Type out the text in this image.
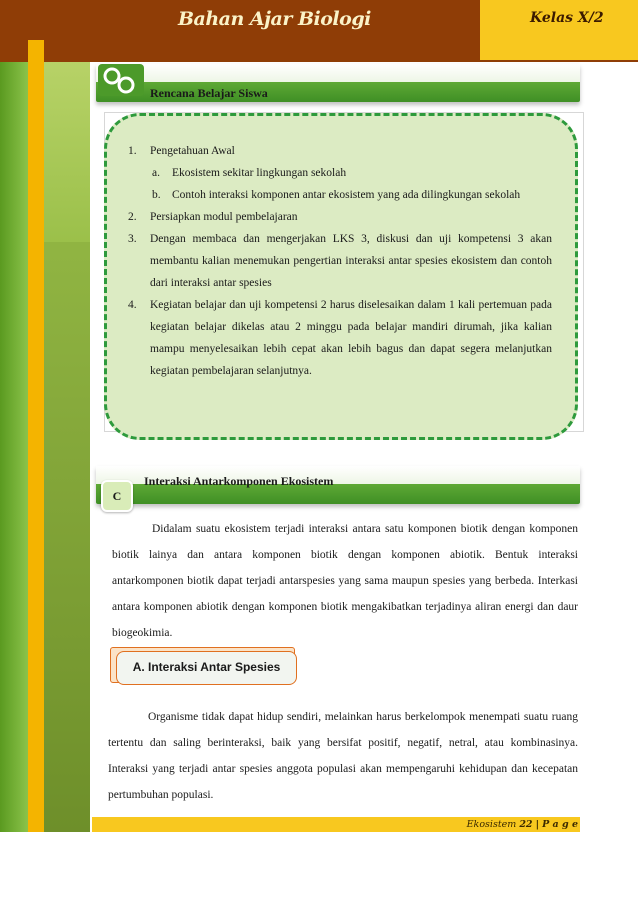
Bahan Ajar Biologi	Kelas X/2
Rencana Belajar Siswa
1. Pengetahuan Awal
a. Ekosistem sekitar lingkungan sekolah
b. Contoh interaksi komponen antar ekosistem yang ada dilingkungan sekolah
2. Persiapkan modul pembelajaran
3. Dengan membaca dan mengerjakan LKS 3, diskusi dan uji kompetensi 3 akan membantu kalian menemukan pengertian interaksi antar spesies ekosistem dan contoh dari interaksi antar spesies
4. Kegiatan belajar dan uji kompetensi 2 harus diselesaikan dalam 1 kali pertemuan pada kegiatan belajar dikelas atau 2 minggu pada belajar mandiri dirumah, jika kalian mampu menyelesaikan lebih cepat akan lebih bagus dan dapat segera melanjutkan kegiatan pembelajaran selanjutnya.
C
Interaksi Antarkomponen Ekosistem
Didalam suatu ekosistem terjadi interaksi antara satu komponen biotik dengan komponen biotik lainya dan antara komponen biotik dengan komponen abiotik. Bentuk interaksi antarkomponen biotik dapat terjadi antarspesies yang sama maupun spesies yang berbeda. Interkasi antara komponen abiotik dengan komponen biotik mengakibatkan terjadinya aliran energi dan daur biogeokimia.
A. Interaksi Antar Spesies
Organisme tidak dapat hidup sendiri, melainkan harus berkelompok menempati suatu ruang tertentu dan saling berinteraksi, baik yang bersifat positif, negatif, netral, atau kombinasinya. Interaksi yang terjadi antar spesies anggota populasi akan mempengaruhi kehidupan dan kecepatan pertumbuhan populasi.
Ekosistem 22 | P a g e
